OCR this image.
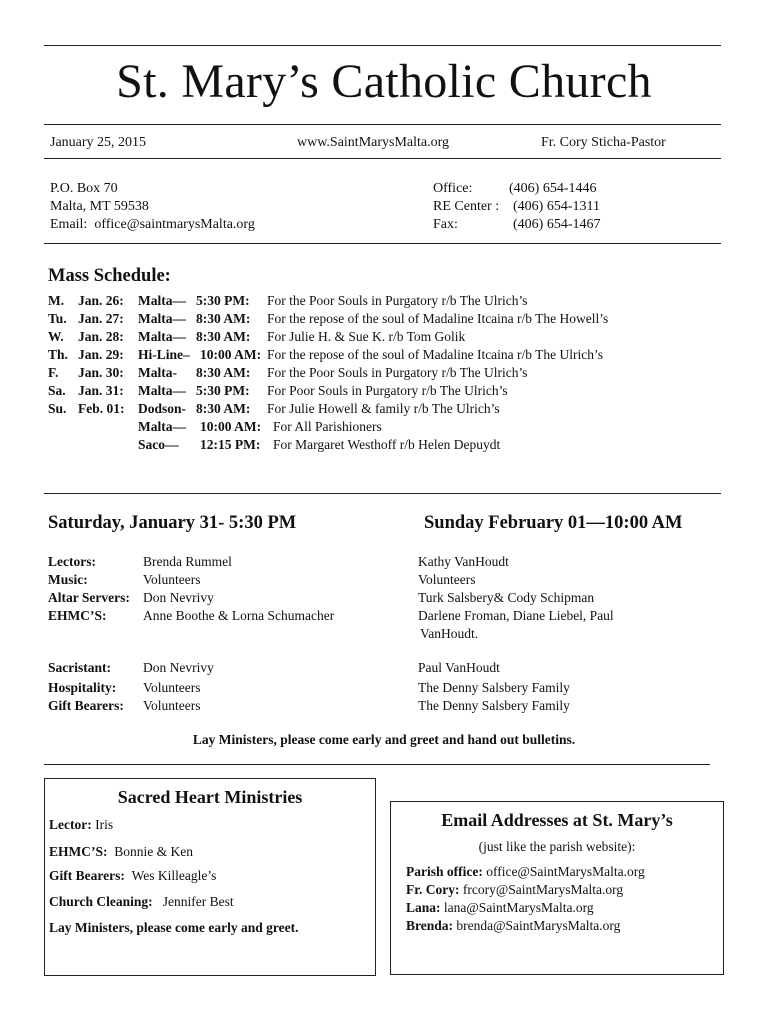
St. Mary’s Catholic Church
January 25, 2015	www.SaintMarysMalta.org	Fr. Cory Sticha-Pastor
P.O. Box 70
Malta, MT 59538
Email: office@saintmarysMalta.org
Office:	(406) 654-1446
RE Center : (406) 654-1311
Fax:	(406) 654-1467
Mass Schedule:
M. Jan. 26: Malta— 5:30 PM: For the Poor Souls in Purgatory r/b The Ulrich’s
Tu. Jan. 27: Malta— 8:30 AM: For the repose of the soul of Madaline Itcaina r/b The Howell’s
W. Jan. 28: Malta— 8:30 AM: For Julie H. & Sue K. r/b Tom Golik
Th. Jan. 29: Hi-Line– 10:00 AM: For the repose of the soul of Madaline Itcaina r/b The Ulrich’s
F. Jan. 30: Malta- 8:30 AM: For the Poor Souls in Purgatory r/b The Ulrich’s
Sa. Jan. 31: Malta— 5:30 PM: For Poor Souls in Purgatory r/b The Ulrich’s
Su. Feb. 01: Dodson- 8:30 AM: For Julie Howell & family r/b The Ulrich’s
Malta— 10:00 AM: For All Parishioners
Saco— 12:15 PM: For Margaret Westhoff r/b Helen Depuydt
Saturday, January 31- 5:30 PM	Sunday February 01—10:00 AM
Lectors:	Brenda Rummel	Kathy VanHoudt
Music:	Volunteers	Volunteers
Altar Servers: Don Nevrivy	Turk Salsbery& Cody Schipman
EHMC’S:	Anne Boothe & Lorna Schumacher	Darlene Froman, Diane Liebel, Paul
VanHoudt.
Sacristant: Don Nevrivy	Paul VanHoudt
Hospitality: Volunteers	The Denny Salsbery Family
Gift Bearers: Volunteers	The Denny Salsbery Family
Lay Ministers, please come early and greet and hand out bulletins.
Sacred Heart Ministries
Lector: Iris
EHMC’S: Bonnie & Ken
Gift Bearers: Wes Killeagle’s
Church Cleaning: Jennifer Best
Lay Ministers, please come early and greet.
Email Addresses at St. Mary’s
(just like the parish website):
Parish office: office@SaintMarysMalta.org
Fr. Cory: frcory@SaintMarysMalta.org
Lana: lana@SaintMarysMalta.org
Brenda: brenda@SaintMarysMalta.org
